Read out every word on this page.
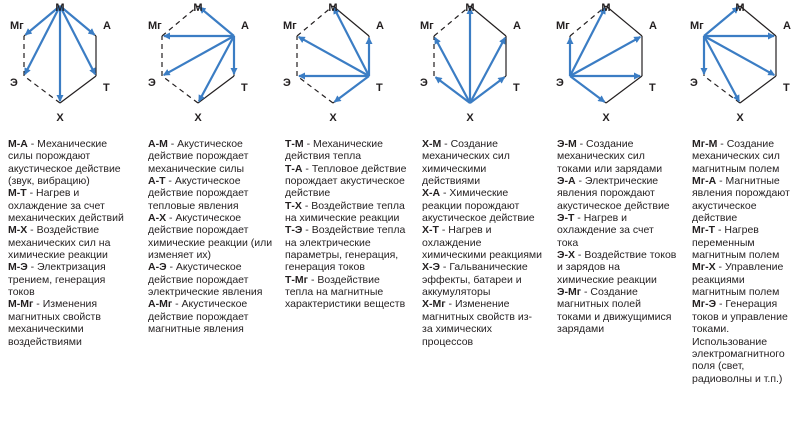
М
А
Т
Х
Э
Мг
М
А
Т
Х
Э
Мг
М
А
Т
Х
Э
Мг
М
А
Т
Х
Э
Мг
М
А
Т
Х
Э
Мг
М
А
Т
Х
Э
Мг

М-А - Механические силы порождают акустическое действие (звук, вибрацию)

М-Т - Нагрев и охлаждение за счет механических действий

М-Х - Воздействие механических сил на химические реакции

М-Э - Электризация трением, генерация токов

М-Мг - Изменения магнитных свойств механическими воздействиями

А-М - Акустическое действие порождает механические силы

А-Т - Акустическое действие порождает тепловые явления

А-Х - Акустическое действие порождает химические реакции (или изменяет их)

А-Э - Акустическое действие порождает электрические явления

А-Мг - Акустическое действие порождает магнитные явления

Т-М - Механические действия тепла

Т-А - Тепловое действие порождает акустическое действие

Т-Х - Воздействие тепла на химические реакции

Т-Э - Воздействие тепла на электрические параметры, генерация, генерация токов

Т-Мг - Воздействие тепла на магнитные характеристики веществ

Х-М - Создание механических сил химическими действиями

Х-А - Химические реакции порождают акустическое действие

Х-Т - Нагрев и охлаждение химическими реакциями

Х-Э - Гальванические эффекты, батареи и аккумуляторы

Х-Мг - Изменение магнитных свойств из-за химических процессов

Э-М - Создание механических сил токами или зарядами

Э-А - Электрические явления порождают акустическое действие

Э-Т - Нагрев и охлаждение за счет тока

Э-Х - Воздействие токов и зарядов на химические реакции

Э-Мг - Создание магнитных полей токами и движущимися зарядами

Мг-М - Создание механических сил магнитным полем

Мг-А - Магнитные явления порождают акустическое действие

Мг-Т - Нагрев переменным магнитным полем

Мг-Х - Управление реакциями магнитным полем

Мг-Э - Генерация токов и управление токами.

Использование электромагнитного поля (свет, радиоволны и т.п.)
